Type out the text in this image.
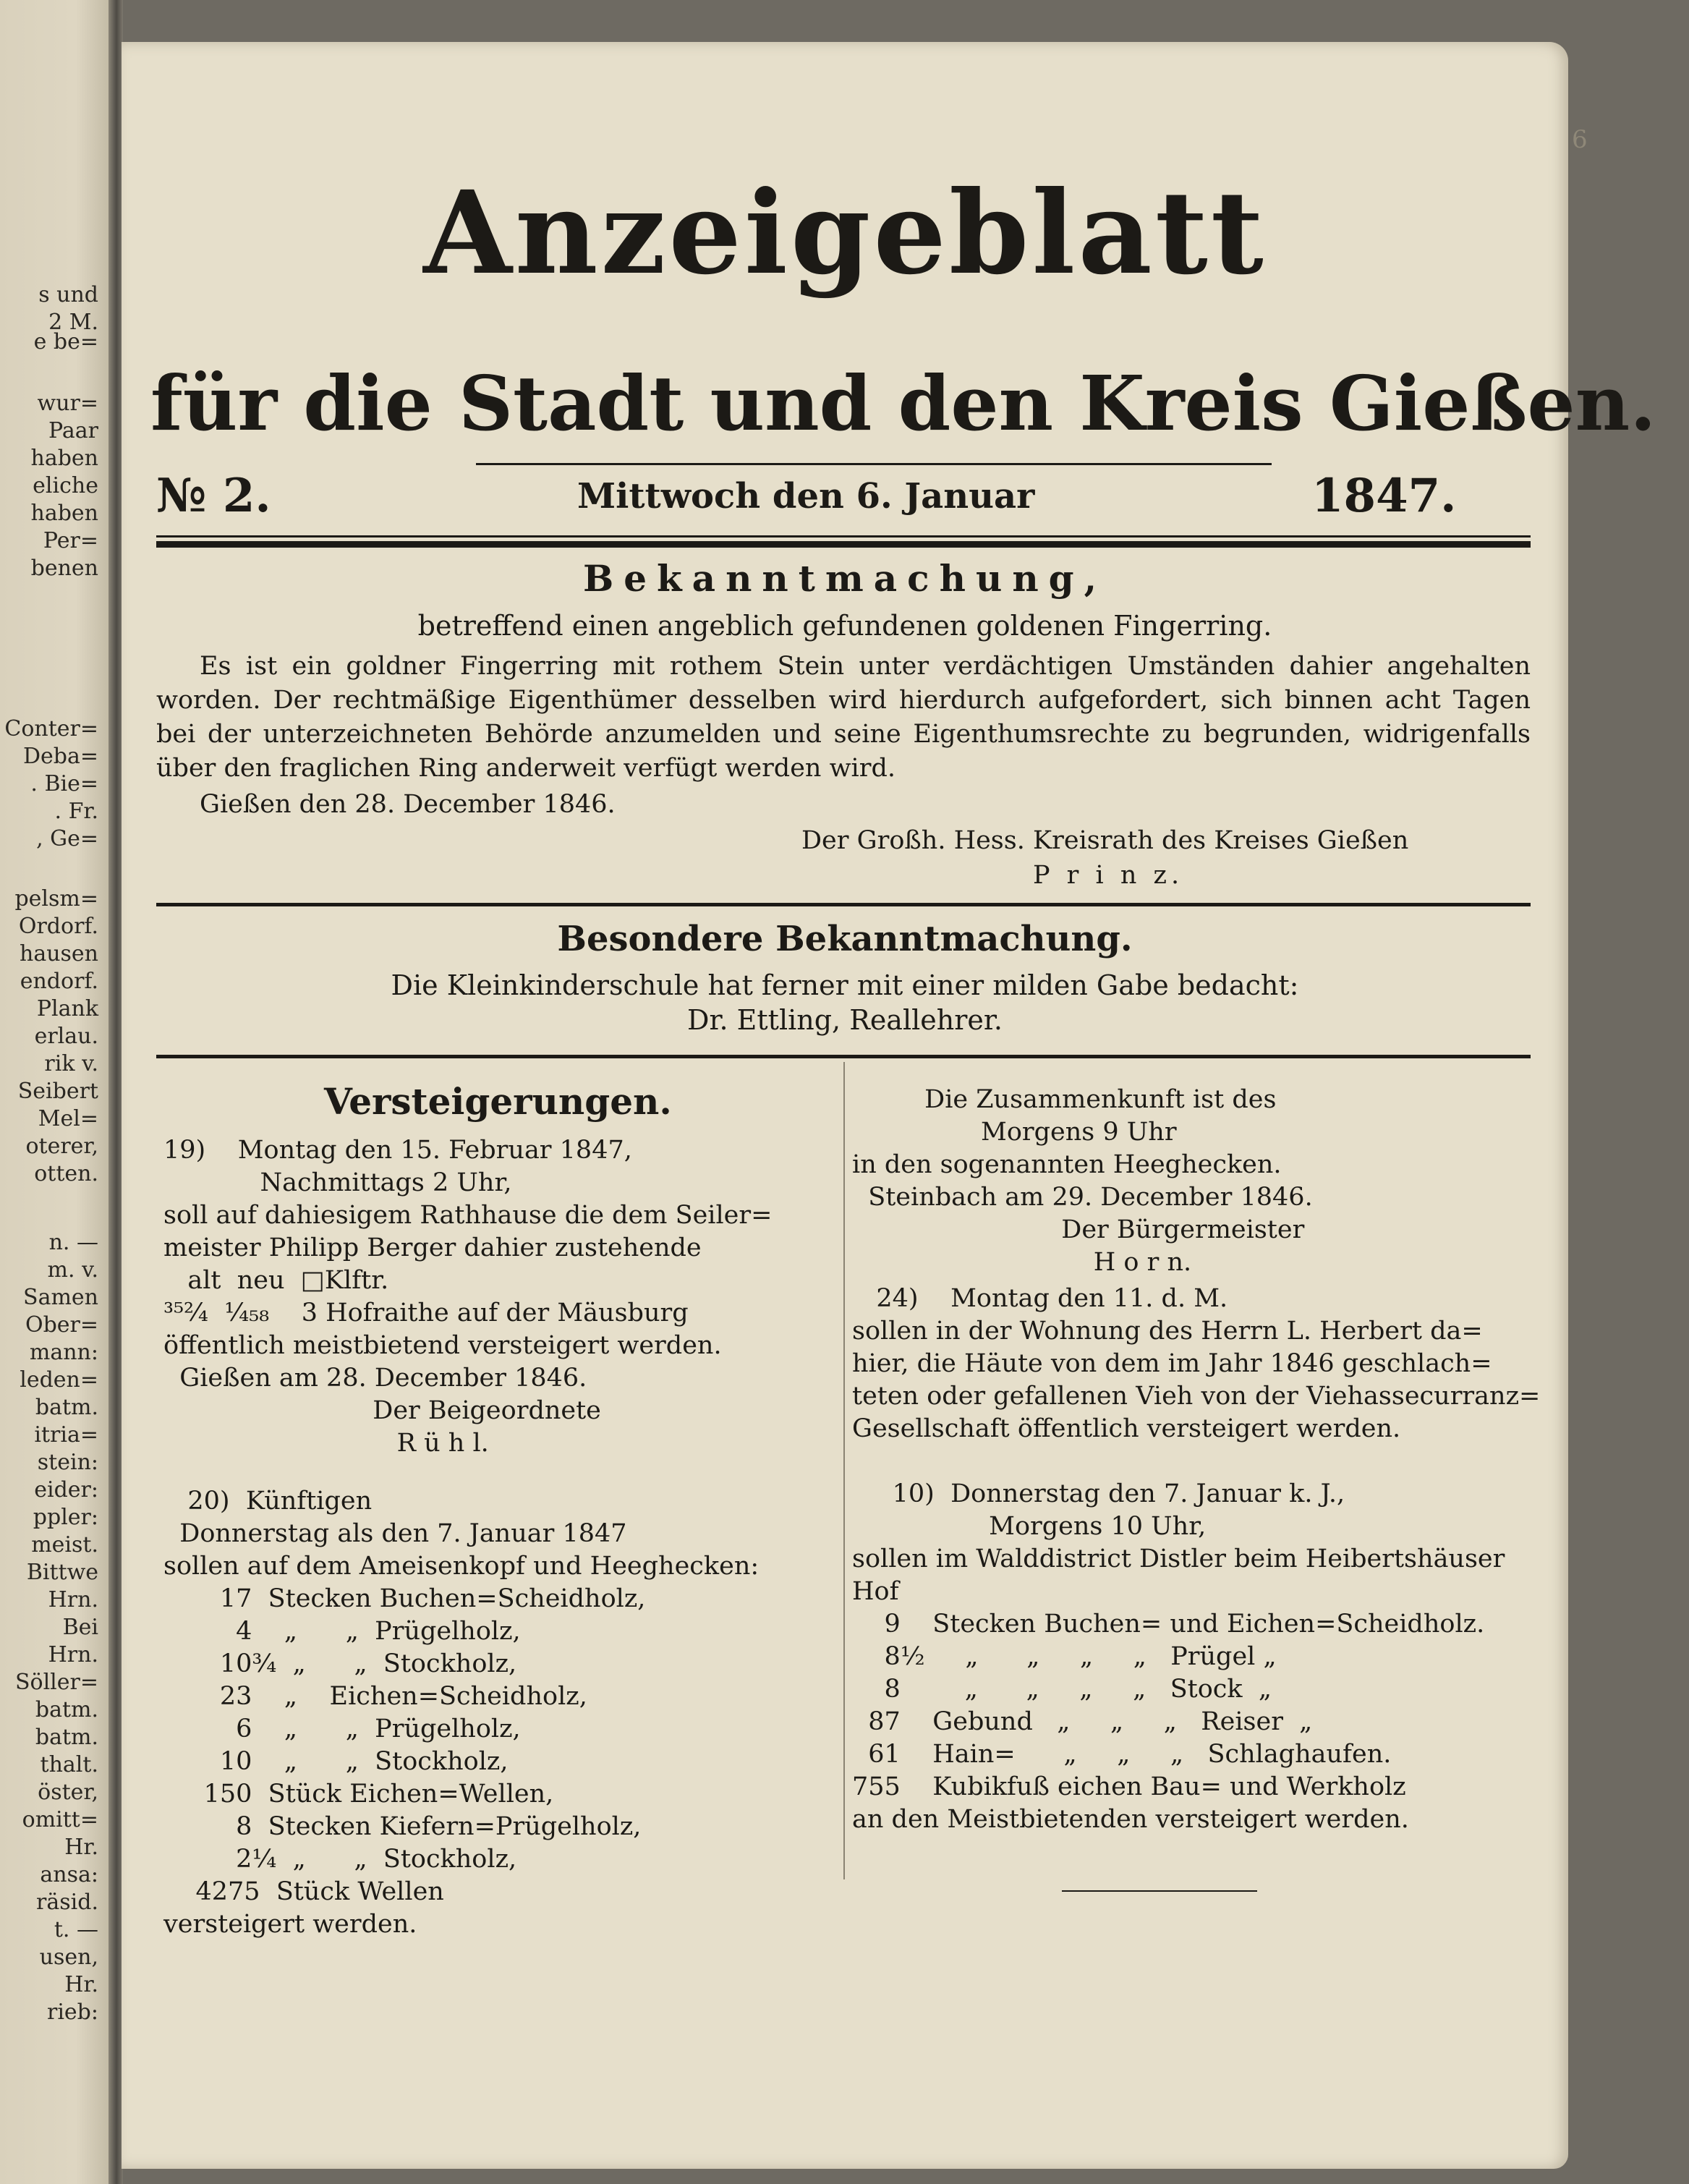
s und
2 M.
e be=
wur=
Paar
haben
eliche
haben
Per=
benen
Conter=
Deba=
. Bie=
. Fr.
, Ge=
pelsm=
Ordorf.
hausen
endorf.
Plank
erlau.
rik v.
Seibert
Mel=
oterer,
otten.
n. —
m. v.
Samen
Ober=
mann:
leden=
batm.
itria=
stein:
eider:
ppler:
meist.
Bittwe
Hrn.
Bei
Hrn.
Söller=
batm.
batm.
thalt.
öster,
omitt=
Hr.
ansa:
räsid.
t. —
usen,
Hr.
rieb:
6
Anzeigeblatt
für die Stadt und den Kreis Gießen.
№ 2.	Mittwoch den 6. Januar	1847.
Bekanntmachung,
betreffend einen angeblich gefundenen goldenen Fingerring.
Es ist ein goldner Fingerring mit rothem Stein unter verdächtigen Umständen dahier angehalten worden. Der rechtmäßige Eigenthümer desselben wird hierdurch aufgefordert, sich binnen acht Tagen bei der unterzeichneten Behörde anzumelden und seine Eigenthumsrechte zu begrunden, widrigenfalls über den fraglichen Ring anderweit verfügt werden wird.
Gießen den 28. December 1846.
Der Großh. Hess. Kreisrath des Kreises Gießen
P r i n z.
Besondere Bekanntmachung.
Die Kleinkinderschule hat ferner mit einer milden Gabe bedacht:
Dr. Ettling, Reallehrer.
Versteigerungen.
19)    Montag den 15. Februar 1847,
Nachmittags 2 Uhr,
soll auf dahiesigem Rathhause die dem Seiler=
meister Philipp Berger dahier zustehende
alt  neu  □Klftr.
³⁵²⁄₄  ¹⁄₄₅₈    3 Hofraithe auf der Mäusburg
öffentlich meistbietend versteigert werden.
Gießen am 28. December 1846.
Der Beigeordnete
R ü h l.
20)  Künftigen
Donnerstag als den 7. Januar 1847
sollen auf dem Ameisenkopf und Heeghecken:
17  Stecken Buchen=Scheidholz,
4    „      „  Prügelholz,
10¾  „      „  Stockholz,
23    „    Eichen=Scheidholz,
6    „      „  Prügelholz,
10    „      „  Stockholz,
150  Stück Eichen=Wellen,
8  Stecken Kiefern=Prügelholz,
2¼  „      „  Stockholz,
4275  Stück Wellen
versteigert werden.
Die Zusammenkunft ist des
Morgens 9 Uhr
in den sogenannten Heeghecken.
Steinbach am 29. December 1846.
Der Bürgermeister
H o r n.
24)    Montag den 11. d. M.
sollen in der Wohnung des Herrn L. Herbert da=
hier, die Häute von dem im Jahr 1846 geschlach=
teten oder gefallenen Vieh von der Viehassecurranz=
Gesellschaft öffentlich versteigert werden.
10)  Donnerstag den 7. Januar k. J.,
Morgens 10 Uhr,
sollen im Walddistrict Distler beim Heibertshäuser
Hof
9    Stecken Buchen= und Eichen=Scheidholz.
8½     „      „     „     „   Prügel „
8        „      „     „     „   Stock  „
87    Gebund   „     „     „   Reiser  „
61    Hain=      „     „     „   Schlaghaufen.
755    Kubikfuß eichen Bau= und Werkholz
an den Meistbietenden versteigert werden.
